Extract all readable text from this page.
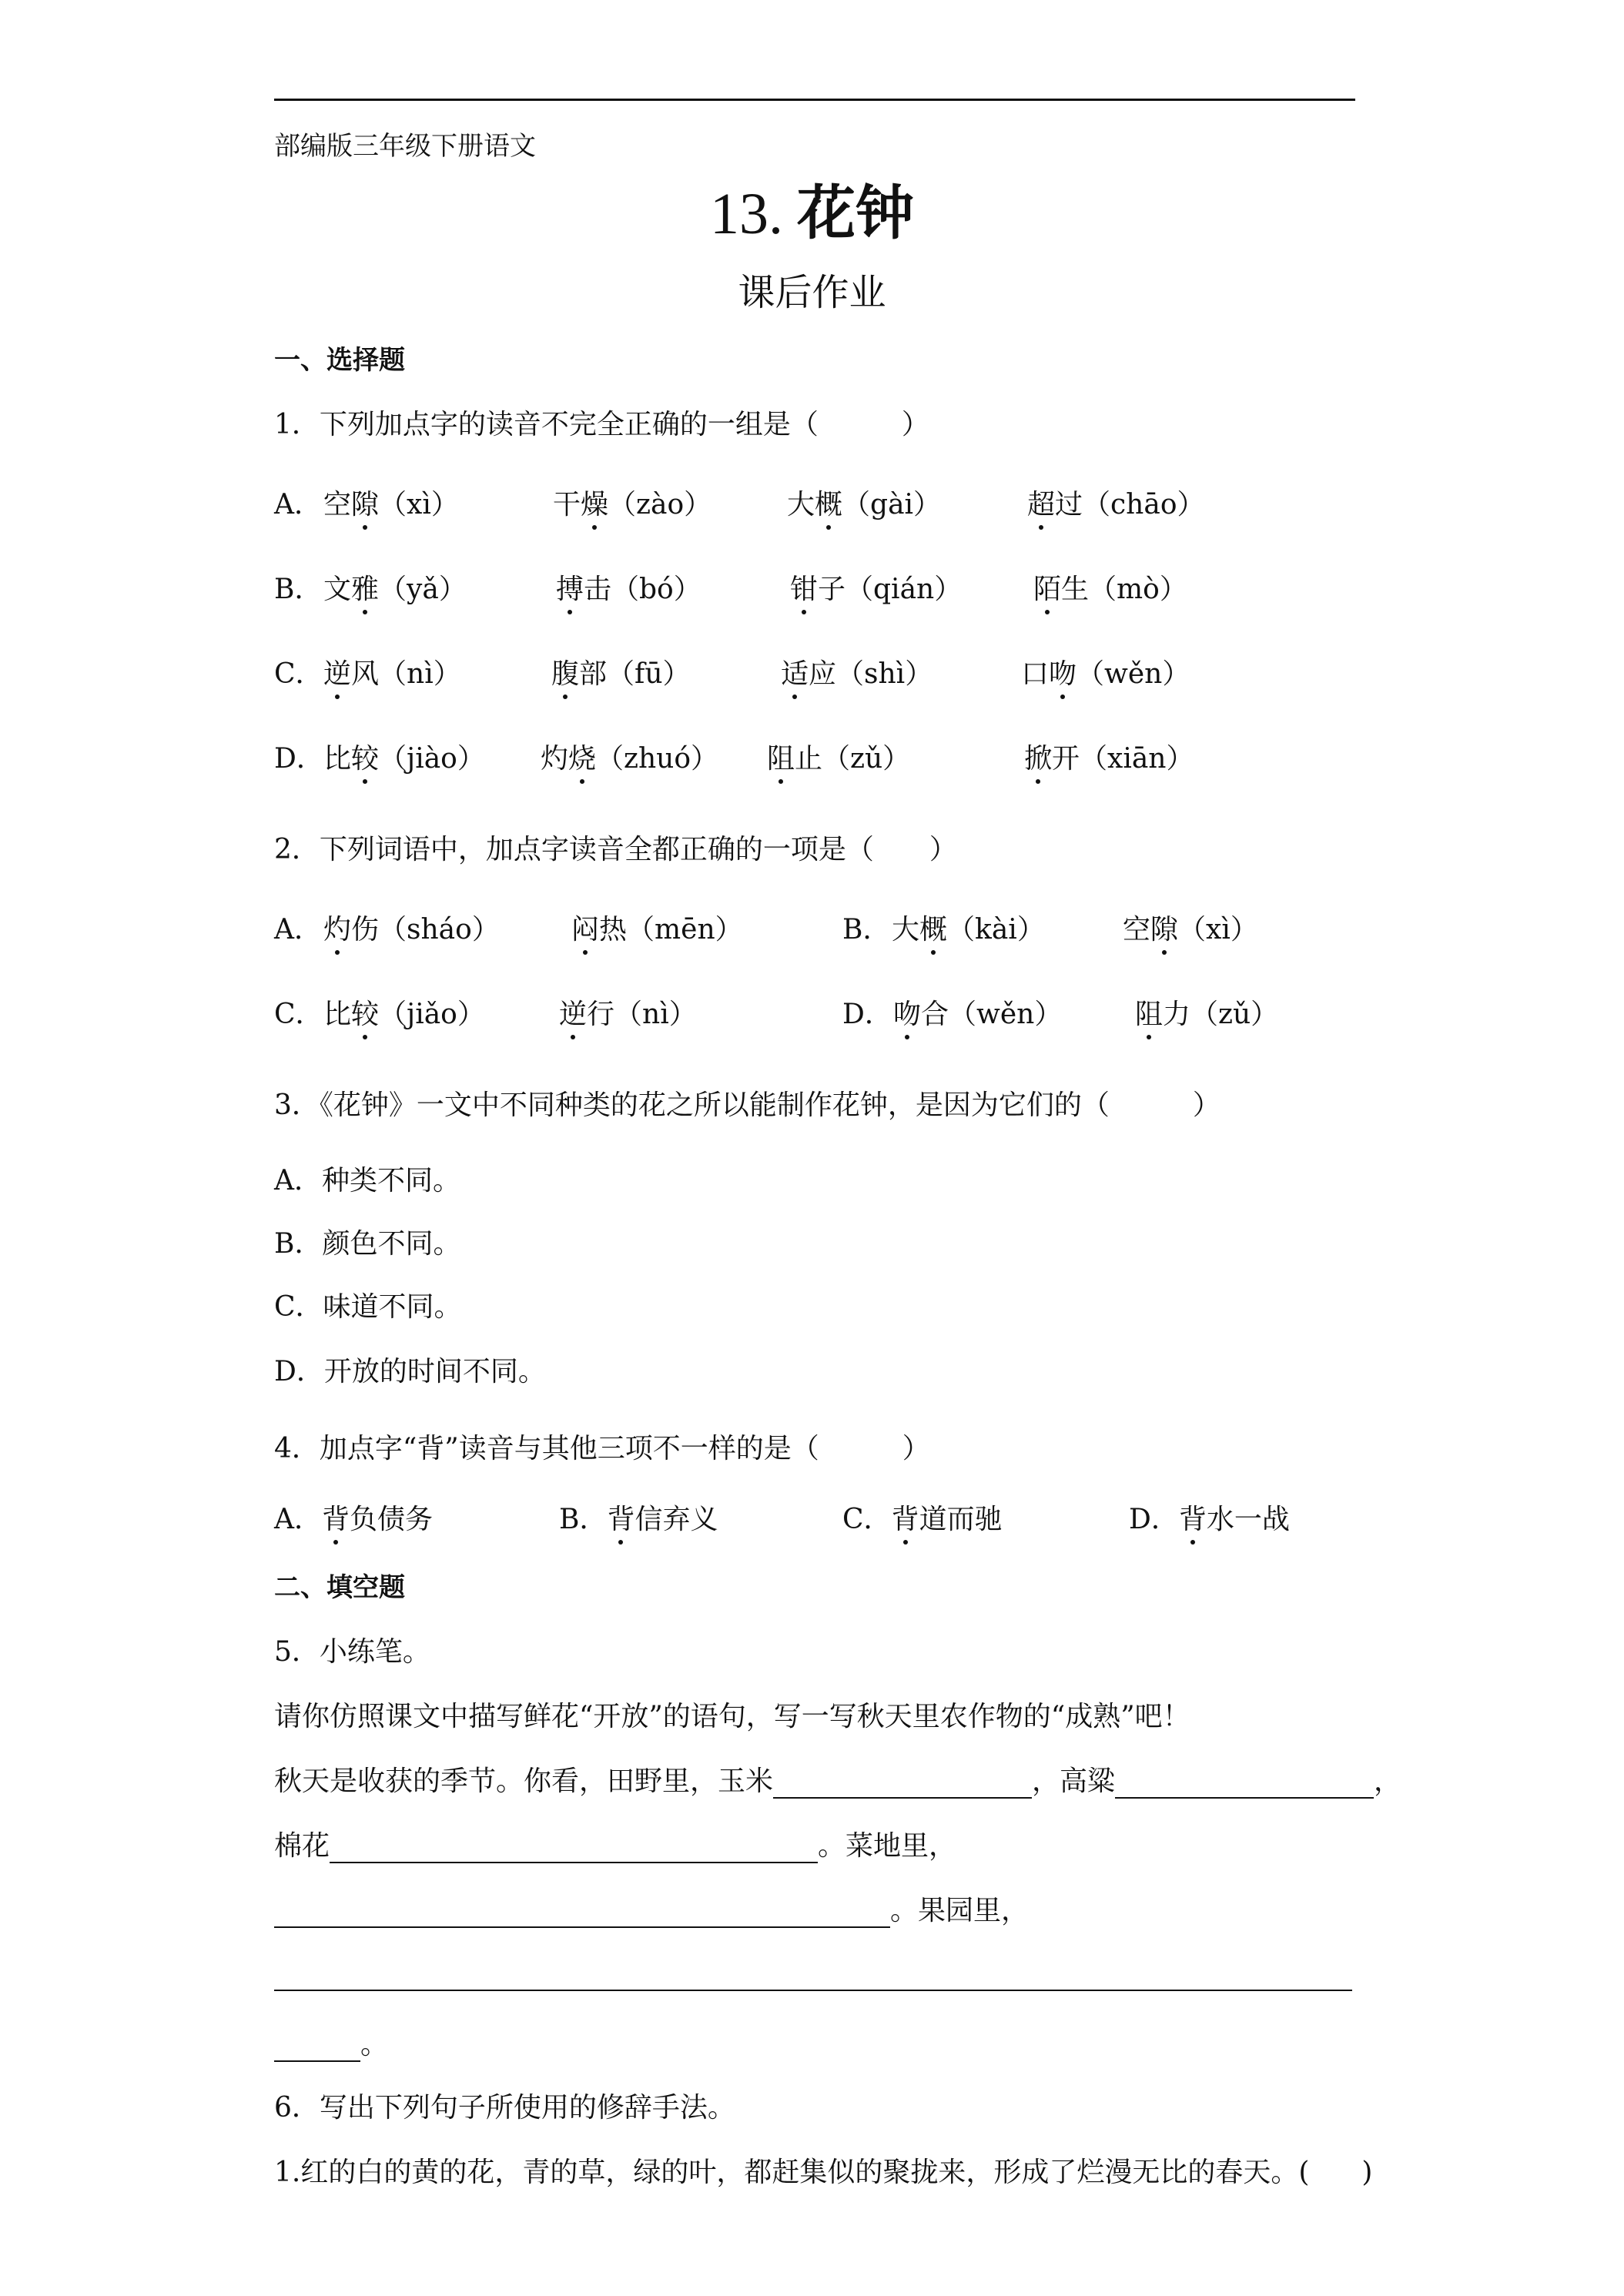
部编版三年级下册语文
13. 花钟
课后作业
一、选择题
1．下列加点字的读音不完全正确的一组是（　　　）
A． 空隙（xì）	干燥（zào）	大概（gài）	超过（chāo）
B． 文雅（yǎ）	搏击（bó）	钳子（qián）	陌生（mò）
C． 逆风（nì）	腹部（fū）	适应（shì）	口吻（wěn）
D． 比较（jiào） 灼烧（zhuó） 阻止（zǔ）	掀开（xiān）
2．下列词语中，加点字读音全都正确的一项是（　　）
A． 灼伤（sháo）	闷热（mēn）	B． 大概（kài）	空隙（xì）
C． 比较（jiǎo）	逆行（nì）	D． 吻合（wěn）	阻力（zǔ）
3．《花钟》一文中不同种类的花之所以能制作花钟，是因为它们的（　　　）
A．种类不同。
B．颜色不同。
C．味道不同。
D．开放的时间不同。
4．加点字“背”读音与其他三项不一样的是（　　　）
A．背负债务	B．背信弃义	C．背道而驰	D．背水一战
二、填空题
5．小练笔。
请你仿照课文中描写鲜花“开放”的语句，写一写秋天里农作物的“成熟”吧！
秋天是收获的季节。你看，田野里，玉米	，高粱	，
棉花	。菜地里，
。果园里，
。
6．写出下列句子所使用的修辞手法。
1.红的白的黄的花，青的草，绿的叶，都赶集似的聚拢来，形成了烂漫无比的春天。( )
